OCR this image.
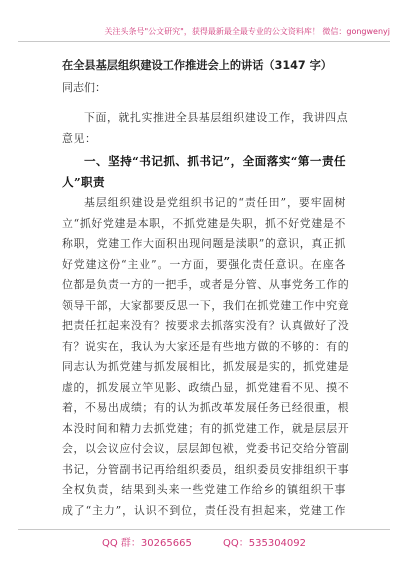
关注头条号"公文研究"，获得最新最全最专业的公文资料库！ 微信：gongwenyj
在全县基层组织建设工作推进会上的讲话（3147 字）
同志们：
下面，就扎实推进全县基层组织建设工作，我讲四点
意见：
一、坚持“书记抓、抓书记”，全面落实“第一责任
人”职责
基层组织建设是党组织书记的“责任田”，要牢固树
立“抓好党建是本职，不抓党建是失职，抓不好党建是不
称职，党建工作大面积出现问题是渎职”的意识，真正抓
好党建这份“主业”。一方面，要强化责任意识。在座各
位都是负责一方的一把手，或者是分管、从事党务工作的
领导干部，大家都要反思一下，我们在抓党建工作中究竟
把责任扛起来没有？按要求去抓落实没有？认真做好了没
有？说实在，我认为大家还是有些地方做的不够的：有的
同志认为抓党建与抓发展相比，抓发展是实的，抓党建是
虚的，抓发展立竿见影、政绩凸显，抓党建看不见、摸不
着，不易出成绩；有的认为抓改革发展任务已经很重，根
本没时间和精力去抓党建；有的抓党建工作，就是层层开
会，以会议应付会议，层层卸包袱，党委书记交给分管副
书记，分管副书记再给组织委员，组织委员安排组织干事
全权负责，结果到头来一些党建工作给乡的镇组织干事
成了“主力”，认识不到位，责任没有担起来，党建工作
QQ 群：30265665	QQ：535304092
